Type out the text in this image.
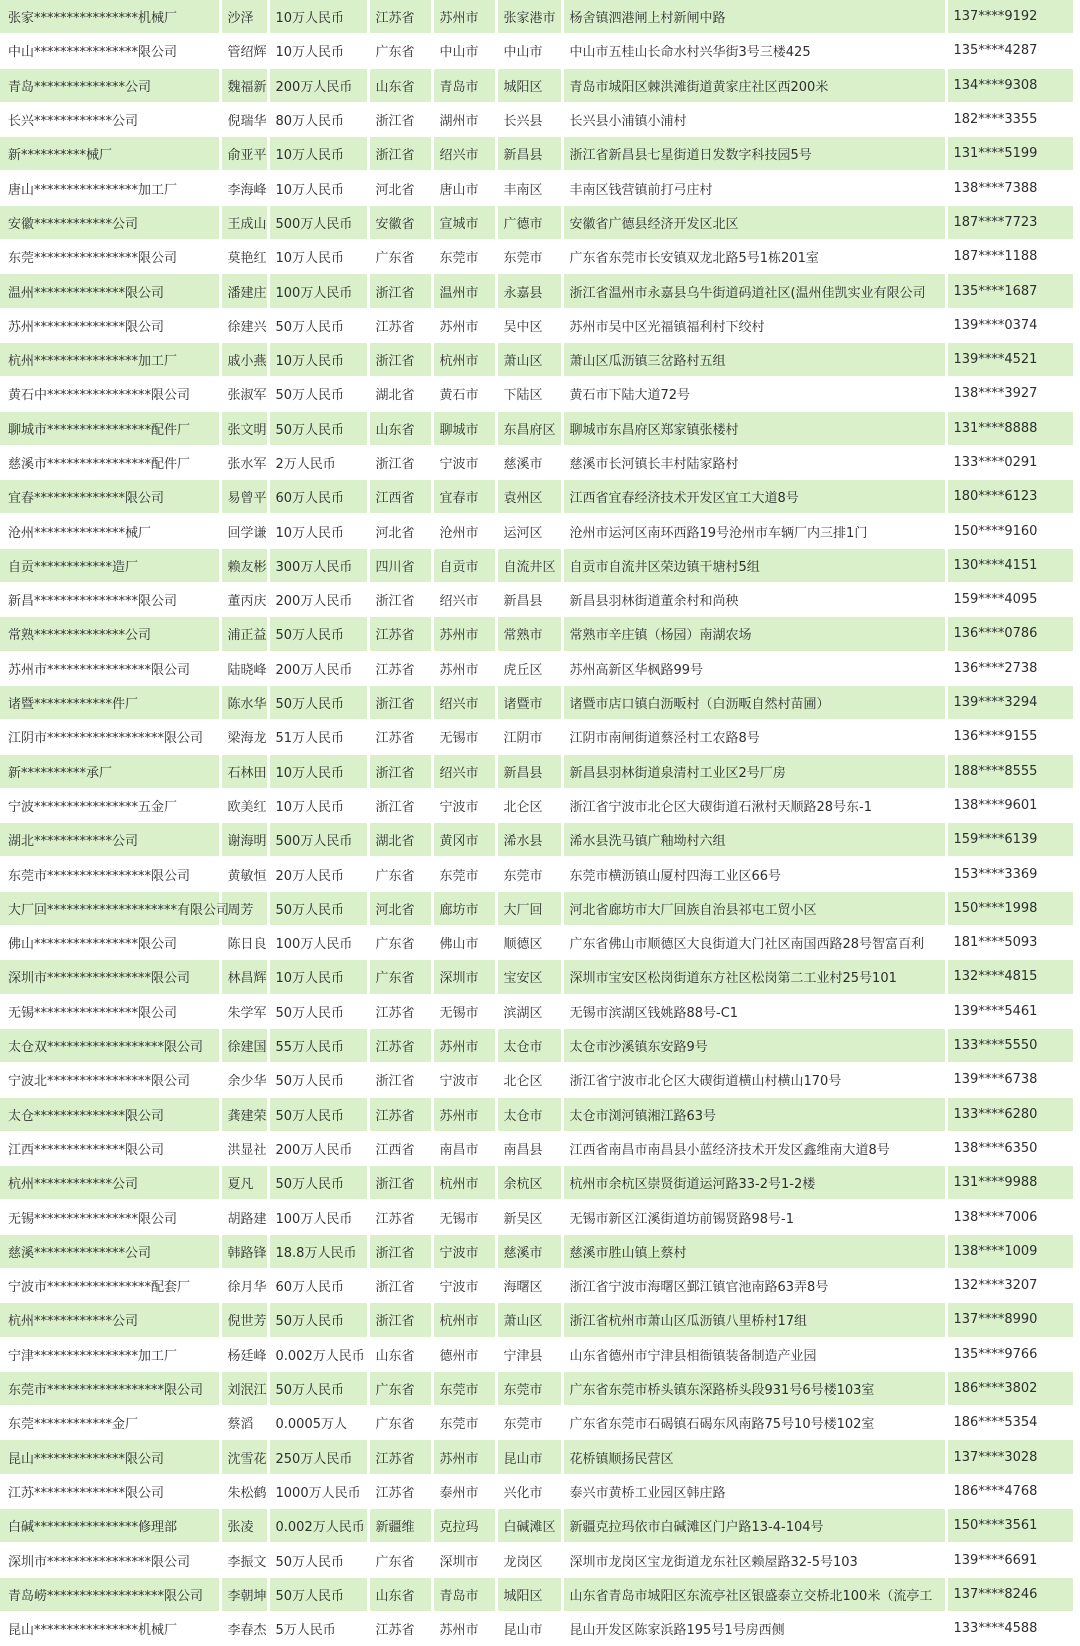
张家****************机械厂	沙泽	10万人民币	江苏省	苏州市	张家港市	杨舍镇泗港闸上村新闸中路	137****9192
中山****************限公司	管绍辉	10万人民币	广东省	中山市	中山市	中山市五桂山长命水村兴华街3号三楼425	135****4287
青岛**************公司	魏福新	200万人民币	山东省	青岛市	城阳区	青岛市城阳区棘洪滩街道黄家庄社区西200米	134****9308
长兴************公司	倪瑞华	80万人民币	浙江省	湖州市	长兴县	长兴县小浦镇小浦村	182****3355
新**********械厂	俞亚平	10万人民币	浙江省	绍兴市	新昌县	浙江省新昌县七星街道日发数字科技园5号	131****5199
唐山****************加工厂	李海峰	10万人民币	河北省	唐山市	丰南区	丰南区钱营镇前打弓庄村	138****7388
安徽************公司	王成山	500万人民币	安徽省	宣城市	广德市	安徽省广德县经济开发区北区	187****7723
东莞****************限公司	莫艳红	10万人民币	广东省	东莞市	东莞市	广东省东莞市长安镇双龙北路5号1栋201室	187****1188
温州**************限公司	潘建庄	100万人民币	浙江省	温州市	永嘉县	浙江省温州市永嘉县乌牛街道码道社区(温州佳凯实业有限公司	135****1687
苏州**************限公司	徐建兴	50万人民币	江苏省	苏州市	吴中区	苏州市吴中区光福镇福利村下绞村	139****0374
杭州****************加工厂	戚小燕	10万人民币	浙江省	杭州市	萧山区	萧山区瓜沥镇三岔路村五组	139****4521
黄石中****************限公司	张淑军	50万人民币	湖北省	黄石市	下陆区	黄石市下陆大道72号	138****3927
聊城市****************配件厂	张文明	50万人民币	山东省	聊城市	东昌府区	聊城市东昌府区郑家镇张楼村	131****8888
慈溪市****************配件厂	张水军	2万人民币	浙江省	宁波市	慈溪市	慈溪市长河镇长丰村陆家路村	133****0291
宜春**************限公司	易曾平	60万人民币	江西省	宜春市	袁州区	江西省宜春经济技术开发区宜工大道8号	180****6123
沧州**************械厂	回学谦	10万人民币	河北省	沧州市	运河区	沧州市运河区南环西路19号沧州市车辆厂内三排1门	150****9160
自贡************造厂	赖友彬	300万人民币	四川省	自贡市	自流井区	自贡市自流井区荣边镇干塘村5组	130****4151
新昌****************限公司	董丙庆	200万人民币	浙江省	绍兴市	新昌县	新昌县羽林街道董余村和尚秧	159****4095
常熟**************公司	浦正益	50万人民币	江苏省	苏州市	常熟市	常熟市辛庄镇（杨园）南湖农场	136****0786
苏州市****************限公司	陆晓峰	200万人民币	江苏省	苏州市	虎丘区	苏州高新区华枫路99号	136****2738
诸暨************件厂	陈水华	50万人民币	浙江省	绍兴市	诸暨市	诸暨市店口镇白沥畈村（白沥畈自然村苗圃）	139****3294
江阴市******************限公司	梁海龙	51万人民币	江苏省	无锡市	江阴市	江阴市南闸街道蔡泾村工农路8号	136****9155
新**********承厂	石林田	10万人民币	浙江省	绍兴市	新昌县	新昌县羽林街道泉清村工业区2号厂房	188****8555
宁波****************五金厂	欧美红	10万人民币	浙江省	宁波市	北仑区	浙江省宁波市北仑区大碶街道石湫村天顺路28号东-1	138****9601
湖北************公司	谢海明	500万人民币	湖北省	黄冈市	浠水县	浠水县洗马镇广釉坳村六组	159****6139
东莞市****************限公司	黄敏恒	20万人民币	广东省	东莞市	东莞市	东莞市横沥镇山厦村四海工业区66号	153****3369
大厂回********************有限公司	周芳	50万人民币	河北省	廊坊市	大厂回	河北省廊坊市大厂回族自治县祁屯工贸小区	150****1998
佛山****************限公司	陈日良	100万人民币	广东省	佛山市	顺德区	广东省佛山市顺德区大良街道大门社区南国西路28号智富百利	181****5093
深圳市****************限公司	林昌辉	10万人民币	广东省	深圳市	宝安区	深圳市宝安区松岗街道东方社区松岗第二工业村25号101	132****4815
无锡****************限公司	朱学军	50万人民币	江苏省	无锡市	滨湖区	无锡市滨湖区钱姚路88号-C1	139****5461
太仓双******************限公司	徐建国	55万人民币	江苏省	苏州市	太仓市	太仓市沙溪镇东安路9号	133****5550
宁波北****************限公司	余少华	50万人民币	浙江省	宁波市	北仑区	浙江省宁波市北仑区大碶街道横山村横山170号	139****6738
太仓**************限公司	龚建荣	50万人民币	江苏省	苏州市	太仓市	太仓市浏河镇湘江路63号	133****6280
江西**************限公司	洪显社	200万人民币	江西省	南昌市	南昌县	江西省南昌市南昌县小蓝经济技术开发区鑫维南大道8号	138****6350
杭州************公司	夏凡	50万人民币	浙江省	杭州市	余杭区	杭州市余杭区崇贤街道运河路33-2号1-2楼	131****9988
无锡****************限公司	胡路建	100万人民币	江苏省	无锡市	新吴区	无锡市新区江溪街道坊前锡贤路98号-1	138****7006
慈溪**************公司	韩路锋	18.8万人民币	浙江省	宁波市	慈溪市	慈溪市胜山镇上蔡村	138****1009
宁波市****************配套厂	徐月华	60万人民币	浙江省	宁波市	海曙区	浙江省宁波市海曙区鄞江镇官池南路63弄8号	132****3207
杭州************公司	倪世芳	50万人民币	浙江省	杭州市	萧山区	浙江省杭州市萧山区瓜沥镇八里桥村17组	137****8990
宁津****************加工厂	杨廷峰	0.002万人民币	山东省	德州市	宁津县	山东省德州市宁津县相衙镇装备制造产业园	135****9766
东莞市******************限公司	刘泯江	50万人民币	广东省	东莞市	东莞市	广东省东莞市桥头镇东深路桥头段931号6号楼103室	186****3802
东莞************金厂	蔡滔	0.0005万人	广东省	东莞市	东莞市	广东省东莞市石碣镇石碣东风南路75号10号楼102室	186****5354
昆山**************限公司	沈雪花	250万人民币	江苏省	苏州市	昆山市	花桥镇顺扬民营区	137****3028
江苏**************限公司	朱松鹤	1000万人民币	江苏省	泰州市	兴化市	泰兴市黄桥工业园区韩庄路	186****4768
白碱****************修理部	张凌	0.002万人民币	新疆维	克拉玛	白碱滩区	新疆克拉玛依市白碱滩区门户路13-4-104号	150****3561
深圳市****************限公司	李振文	50万人民币	广东省	深圳市	龙岗区	深圳市龙岗区宝龙街道龙东社区赖屋路32-5号103	139****6691
青岛崂******************限公司	李朝坤	50万人民币	山东省	青岛市	城阳区	山东省青岛市城阳区东流亭社区银盛泰立交桥北100米（流亭工	137****8246
昆山****************机械厂	李春杰	5万人民币	江苏省	苏州市	昆山市	昆山开发区陈家浜路195号1号房西侧	133****4588
